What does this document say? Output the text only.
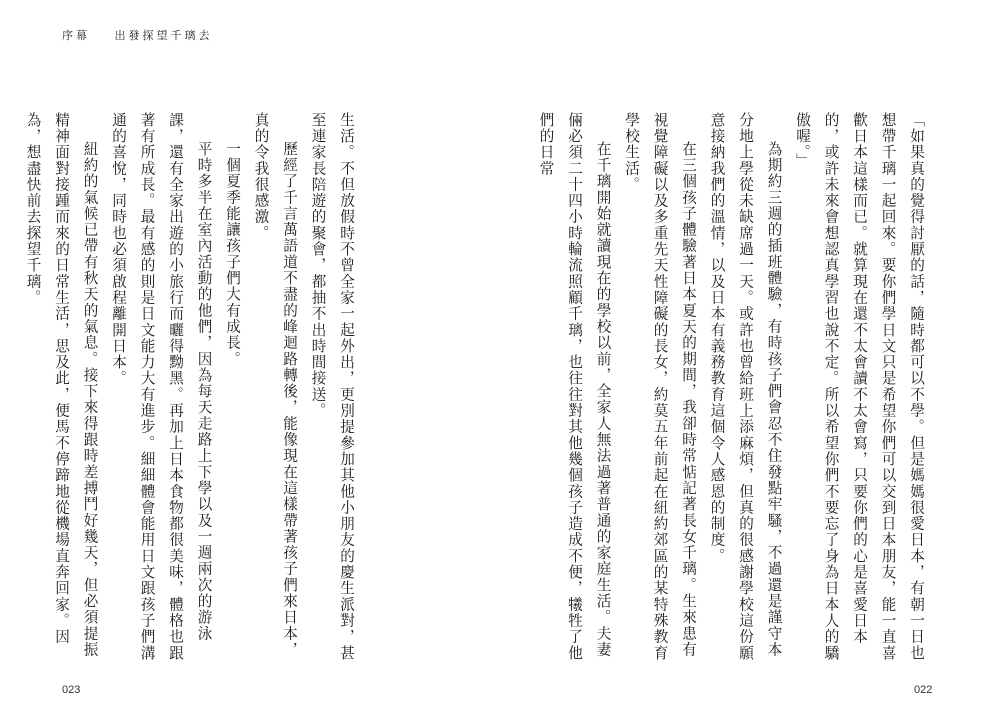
序幕 出發探望千璃去

「如果真的覺得討厭的話，隨時都可以不學。但是媽媽很愛日本，有朝一日也想帶千璃一起回來。要你們學日文只是希望你們可以交到日本朋友，能一直喜歡日本這樣而已。就算現在還不太會讀不太會寫，只要你們的心是喜愛日本的，或許未來會想認真學習也說不定。所以希望你們不要忘了身為日本人的驕傲喔。」

為期約三週的插班體驗，有時孩子們會忍不住發點牢騷，不過還是謹守本分地上學從未缺席過一天。或許也曾給班上添麻煩，但真的很感謝學校這份願意接納我們的溫情，以及日本有義務教育這個令人感恩的制度。

在三個孩子體驗著日本夏天的期間，我卻時常惦記著長女千璃。生來患有視覺障礙以及多重先天性障礙的長女，約莫五年前起在紐約郊區的某特殊教育學校生活。

在千璃開始就讀現在的學校以前，全家人無法過著普通的家庭生活。夫妻倆必須二十四小時輪流照顧千璃，也往往對其他幾個孩子造成不便，犧牲了他們的日常

生活。不但放假時不曾全家一起外出，更別提參加其他小朋友的慶生派對，甚至連家長陪遊的聚會，都抽不出時間接送。

歷經了千言萬語道不盡的峰迴路轉後，能像現在這樣帶著孩子們來日本，真的令我很感激。

一個夏季能讓孩子們大有成長。

平時多半在室內活動的他們，因為每天走路上下學以及一週兩次的游泳課，還有全家出遊的小旅行而曬得黝黑。再加上日本食物都很美味，體格也跟著有所成長。最有感的則是日文能力大有進步。細細體會能用日文跟孩子們溝通的喜悅，同時也必須啟程離開日本。

紐約的氣候已帶有秋天的氣息。接下來得跟時差搏鬥好幾天，但必須提振精神面對接踵而來的日常生活，思及此，便馬不停蹄地從機場直奔回家。因為，想盡快前去探望千璃。

023	022
